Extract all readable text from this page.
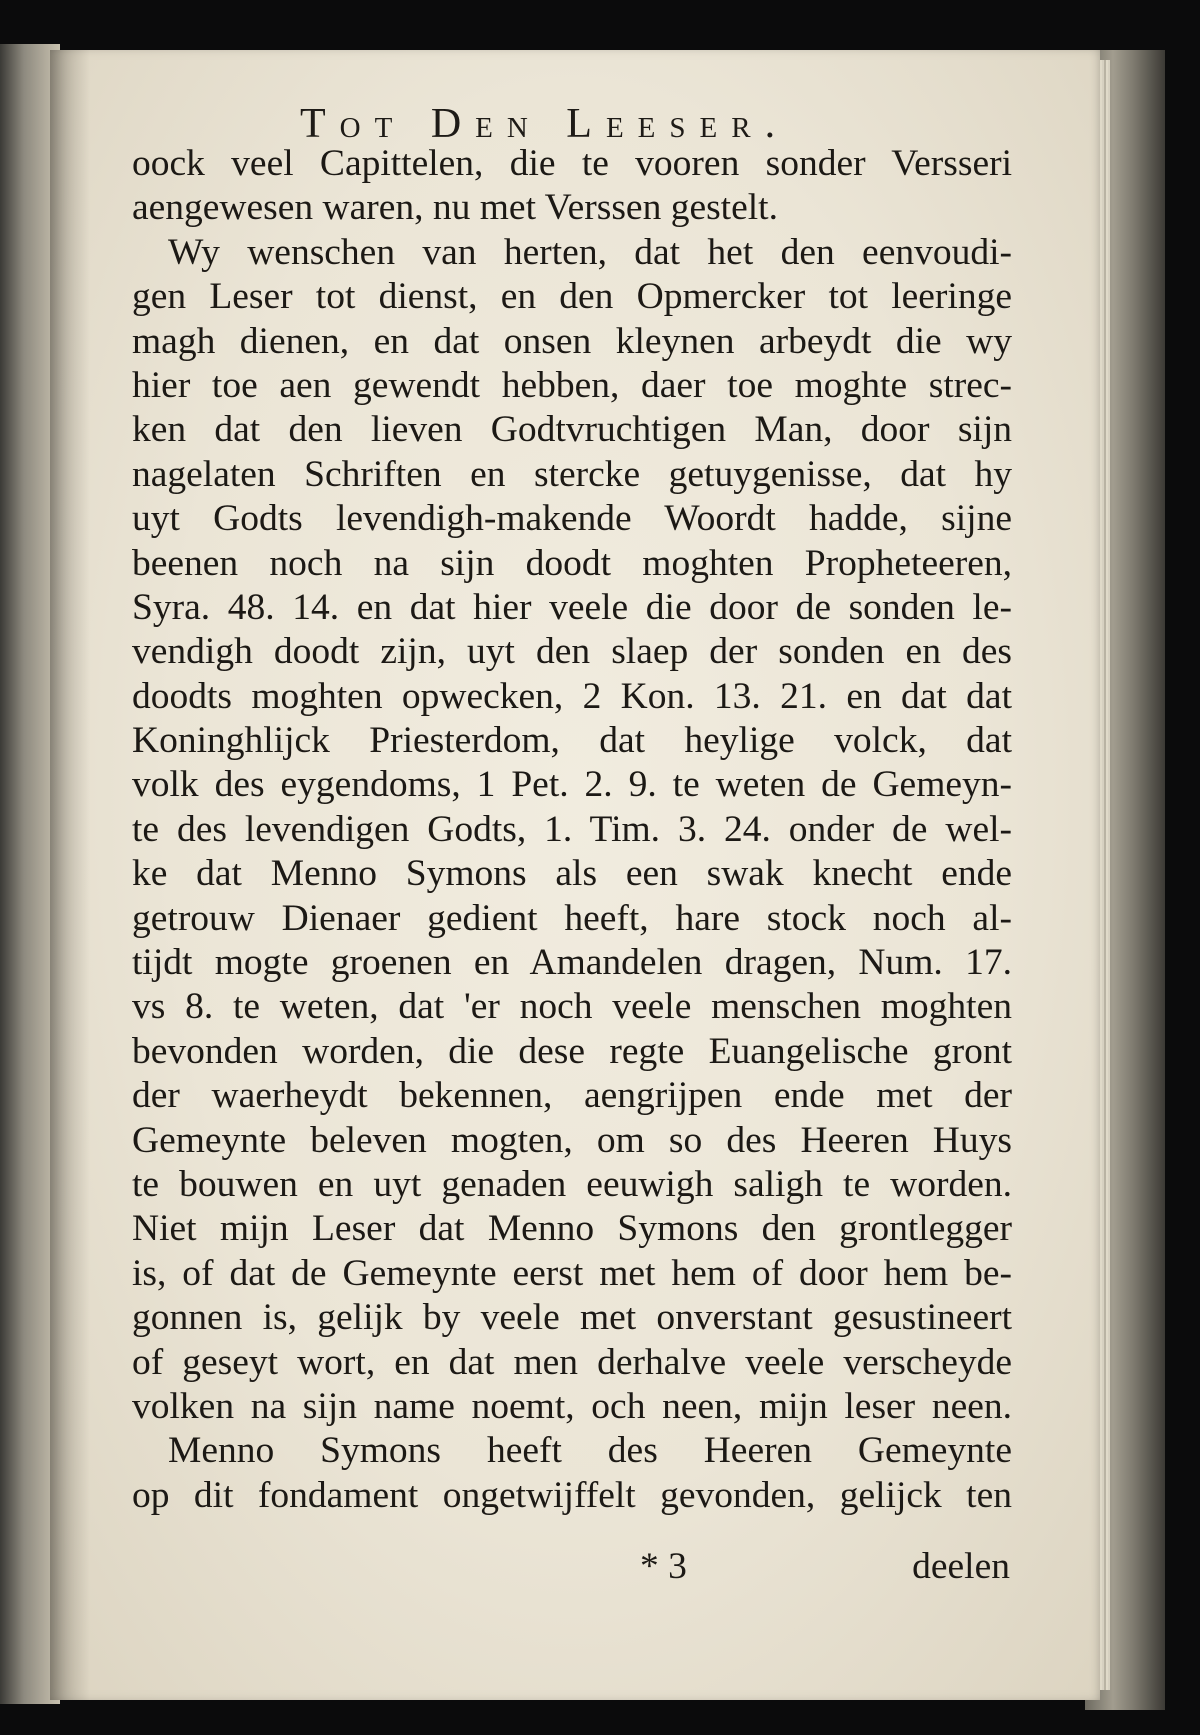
Tot Den Leeser.
oock veel Capittelen, die te vooren sonder Versseri
aengewesen waren, nu met Verssen gestelt.
Wy wenschen van herten, dat het den eenvoudi-
gen Leser tot dienst, en den Opmercker tot leeringe
magh dienen, en dat onsen kleynen arbeydt die wy
hier toe aen gewendt hebben, daer toe moghte strec-
ken dat den lieven Godtvruchtigen Man, door sijn
nagelaten Schriften en stercke getuygenisse, dat hy
uyt Godts levendigh-makende Woordt hadde, sijne
beenen noch na sijn doodt moghten Propheteeren,
Syra. 48. 14. en dat hier veele die door de sonden le-
vendigh doodt zijn, uyt den slaep der sonden en des
doodts moghten opwecken, 2 Kon. 13. 21. en dat dat
Koninghlijck Priesterdom, dat heylige volck, dat
volk des eygendoms, 1 Pet. 2. 9. te weten de Gemeyn-
te des levendigen Godts, 1. Tim. 3. 24. onder de wel-
ke dat Menno Symons als een swak knecht ende
getrouw Dienaer gedient heeft, hare stock noch al-
tijdt mogte groenen en Amandelen dragen, Num. 17.
vs 8. te weten, dat 'er noch veele menschen moghten
bevonden worden, die dese regte Euangelische gront
der waerheydt bekennen, aengrijpen ende met der
Gemeynte beleven mogten, om so des Heeren Huys
te bouwen en uyt genaden eeuwigh saligh te worden.
Niet mijn Leser dat Menno Symons den grontlegger
is, of dat de Gemeynte eerst met hem of door hem be-
gonnen is, gelijk by veele met onverstant gesustineert
of geseyt wort, en dat men derhalve veele verscheyde
volken na sijn name noemt, och neen, mijn leser neen.
Menno Symons heeft des Heeren Gemeynte
op dit fondament ongetwijffelt gevonden, gelijck ten
* 3	deelen
